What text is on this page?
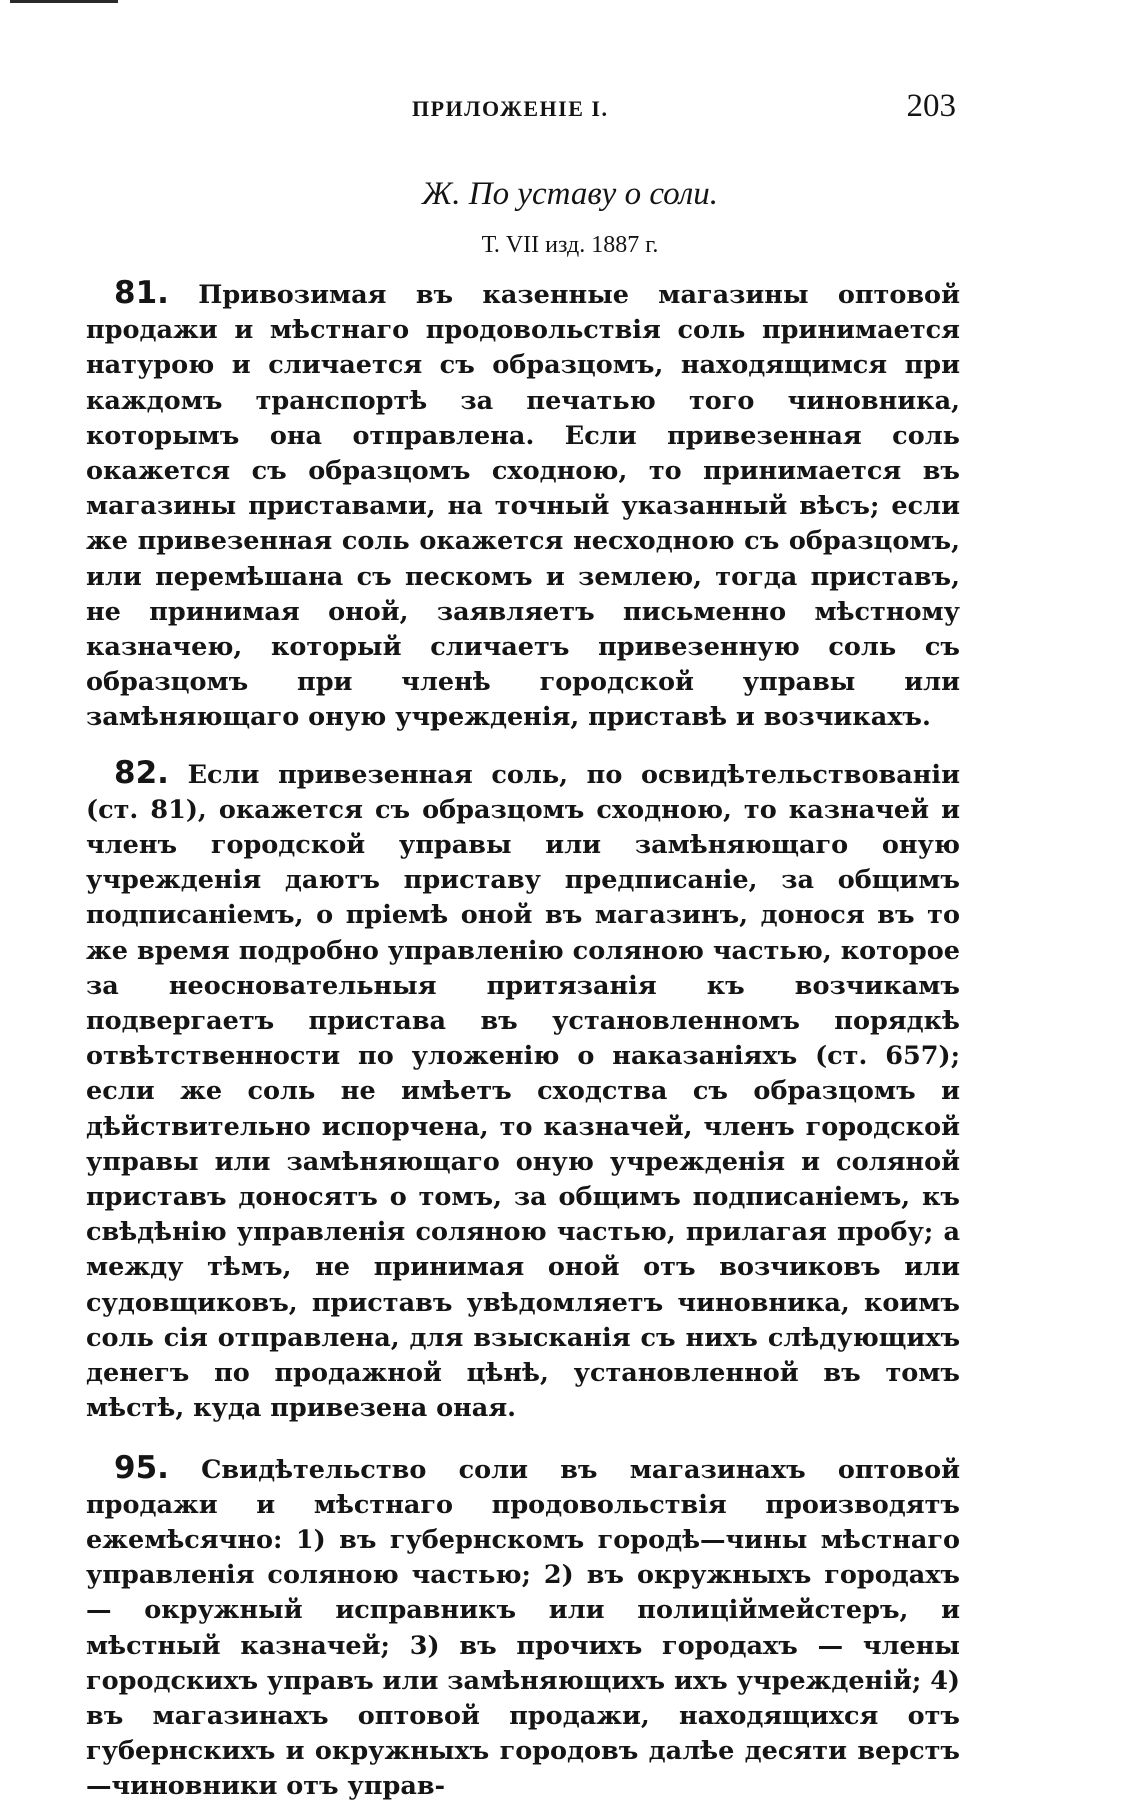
ПРИЛОЖЕНІЕ I.	203
Ж. По уставу о соли.
Т. VII изд. 1887 г.

81. Привозимая въ казенные магазины оптовой продажи и мѣстнаго продовольствія соль принимается натурою и сличается съ образцомъ, находящимся при каждомъ транспортѣ за печатью того чиновника, которымъ она отправлена. Если привезенная соль окажется съ образцомъ сходною, то принимается въ магазины приставами, на точный указанный вѣсъ; если же привезенная соль окажется несходною съ образцомъ, или перемѣшана съ пескомъ и землею, тогда приставъ, не принимая оной, заявляетъ письменно мѣстному казначею, который сличаетъ привезенную соль съ образцомъ при членѣ городской управы или замѣняющаго оную учрежденія, приставѣ и возчикахъ.

82. Если привезенная соль, по освидѣтельствованіи (ст. 81), окажется съ образцомъ сходною, то казначей и членъ городской управы или замѣняющаго оную учрежденія даютъ приставу предписаніе, за общимъ подписаніемъ, о пріемѣ оной въ магазинъ, донося въ то же время подробно управленію соляною частью, которое за неосновательныя притязанія къ возчикамъ подвергаетъ пристава въ установленномъ порядкѣ отвѣтственности по уложенію о наказаніяхъ (ст. 657); если же соль не имѣетъ сходства съ образцомъ и дѣйствительно испорчена, то казначей, членъ городской управы или замѣняющаго оную учрежденія и соляной приставъ доносятъ о томъ, за общимъ подписаніемъ, къ свѣдѣнію управленія соляною частью, прилагая пробу; а между тѣмъ, не принимая оной отъ возчиковъ или судовщиковъ, приставъ увѣдомляетъ чиновника, коимъ соль сія отправлена, для взысканія съ нихъ слѣдующихъ денегъ по продажной цѣнѣ, установленной въ томъ мѣстѣ, куда привезена оная.

95. Свидѣтельство соли въ магазинахъ оптовой продажи и мѣстнаго продовольствія производятъ ежемѣсячно: 1) въ губернскомъ городѣ—чины мѣстнаго управленія соляною частью; 2) въ окружныхъ городахъ — окружный исправникъ или полиціймейстеръ, и мѣстный казначей; 3) въ прочихъ городахъ — члены городскихъ управъ или замѣняющихъ ихъ учрежденій; 4) въ магазинахъ оптовой продажи, находящихся отъ губернскихъ и окружныхъ городовъ далѣе десяти верстъ—чиновники отъ управ-
